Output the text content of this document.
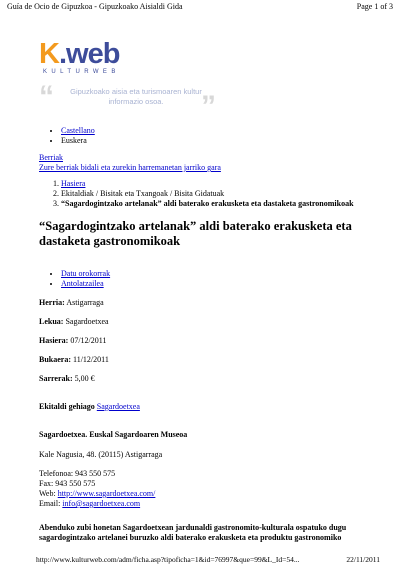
Guía de Ocio de Gipuzkoa - Gipuzkoako Aisialdi Gida	Page 1 of 3
K.web
KULTURWEB
“	Gipuzkoako aisia eta turismoaren kultur informazio osoa.	”
• Castellano
• Euskera
Berriak
Zure berriak bidali eta zurekin harremanetan jarriko gara
1. Hasiera
2. Ekitaldiak / Bisitak eta Txangoak / Bisita Gidatuak
3. “Sagardogintzako artelanak” aldi baterako erakusketa eta dastaketa gastronomikoak
“Sagardogintzako artelanak” aldi baterako erakusketa eta dastaketa gastronomikoak
• Datu orokorrak
• Antolatzailea

Herria: Astigarraga

Lekua: Sagardoetxea

Hasiera: 07/12/2011

Bukaera: 11/12/2011

Sarrerak: 5,00 €

Ekitaldi gehiago Sagardoetxea

Sagardoetxea. Euskal Sagardoaren Museoa

Kale Nagusia, 48. (20115) Astigarraga

Telefonoa: 943 550 575

Fax: 943 550 575

Web: http://www.sagardoetxea.com/

Email: info@sagardoetxea.com

Abenduko zubi honetan Sagardoetxean jardunaldi gastronomito-kulturala ospatuko dugu sagardogintzako artelanei buruzko aldi baterako erakusketa eta produktu gastronomiko

http://www.kulturweb.com/adm/ficha.asp?tipoficha=1&id=76997&que=99&L_Id=54...	22/11/2011
